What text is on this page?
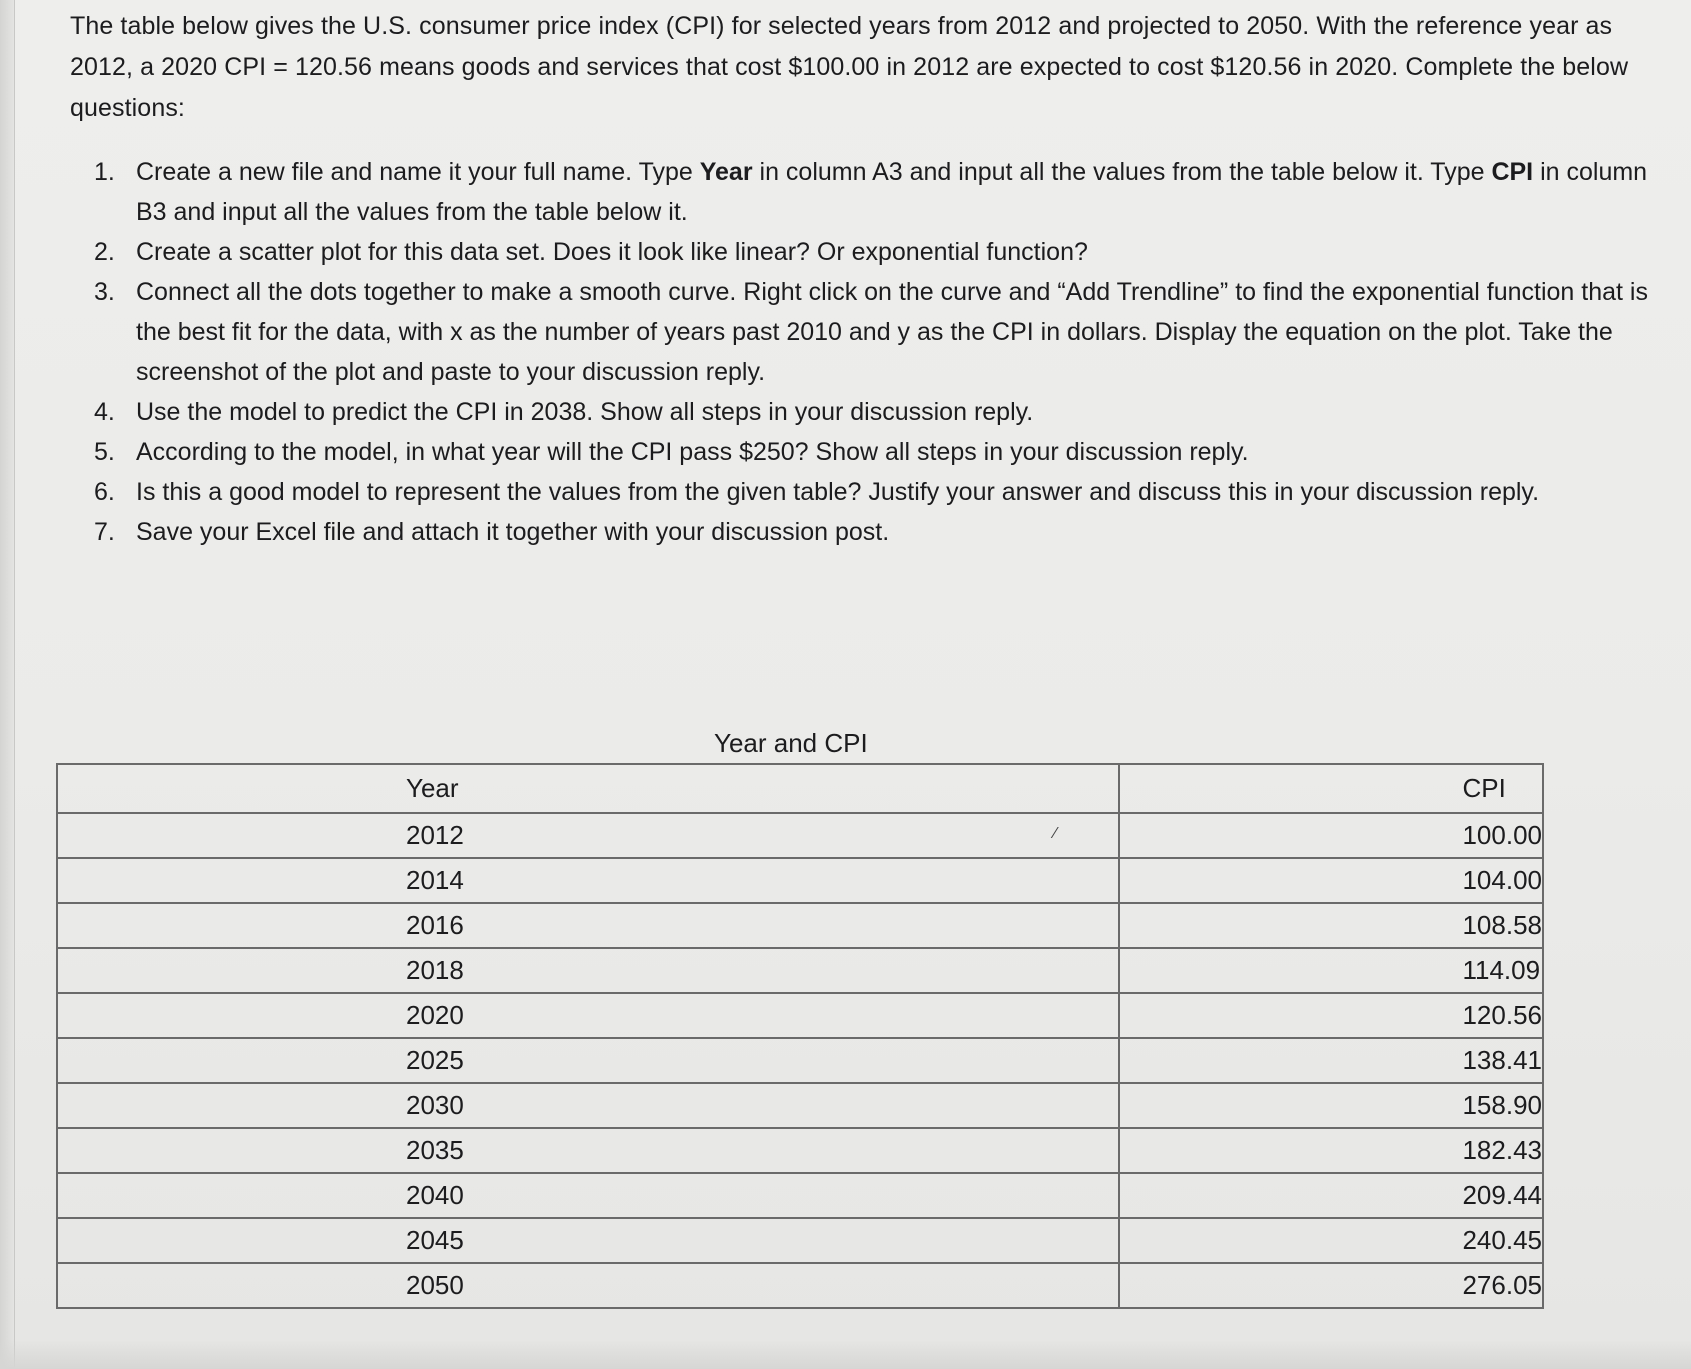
The table below gives the U.S. consumer price index (CPI) for selected years from 2012 and projected to 2050. With the reference year as 2012, a 2020 CPI = 120.56 means goods and services that cost $100.00 in 2012 are expected to cost $120.56 in 2020. Complete the below questions:
1. Create a new file and name it your full name. Type Year in column A3 and input all the values from the table below it. Type CPI in column B3 and input all the values from the table below it.
2. Create a scatter plot for this data set. Does it look like linear? Or exponential function?
3. Connect all the dots together to make a smooth curve. Right click on the curve and “Add Trendline” to find the exponential function that is the best fit for the data, with x as the number of years past 2010 and y as the CPI in dollars. Display the equation on the plot. Take the screenshot of the plot and paste to your discussion reply.
4. Use the model to predict the CPI in 2038. Show all steps in your discussion reply.
5. According to the model, in what year will the CPI pass $250? Show all steps in your discussion reply.
6. Is this a good model to represent the values from the given table? Justify your answer and discuss this in your discussion reply.
7. Save your Excel file and attach it together with your discussion post.
Year and CPI
Year	CPI
2012	100.00
2014	104.00
2016	108.58
2018	114.09
2020	120.56
2025	138.41
2030	158.90
2035	182.43
2040	209.44
2045	240.45
2050	276.05
⁄
